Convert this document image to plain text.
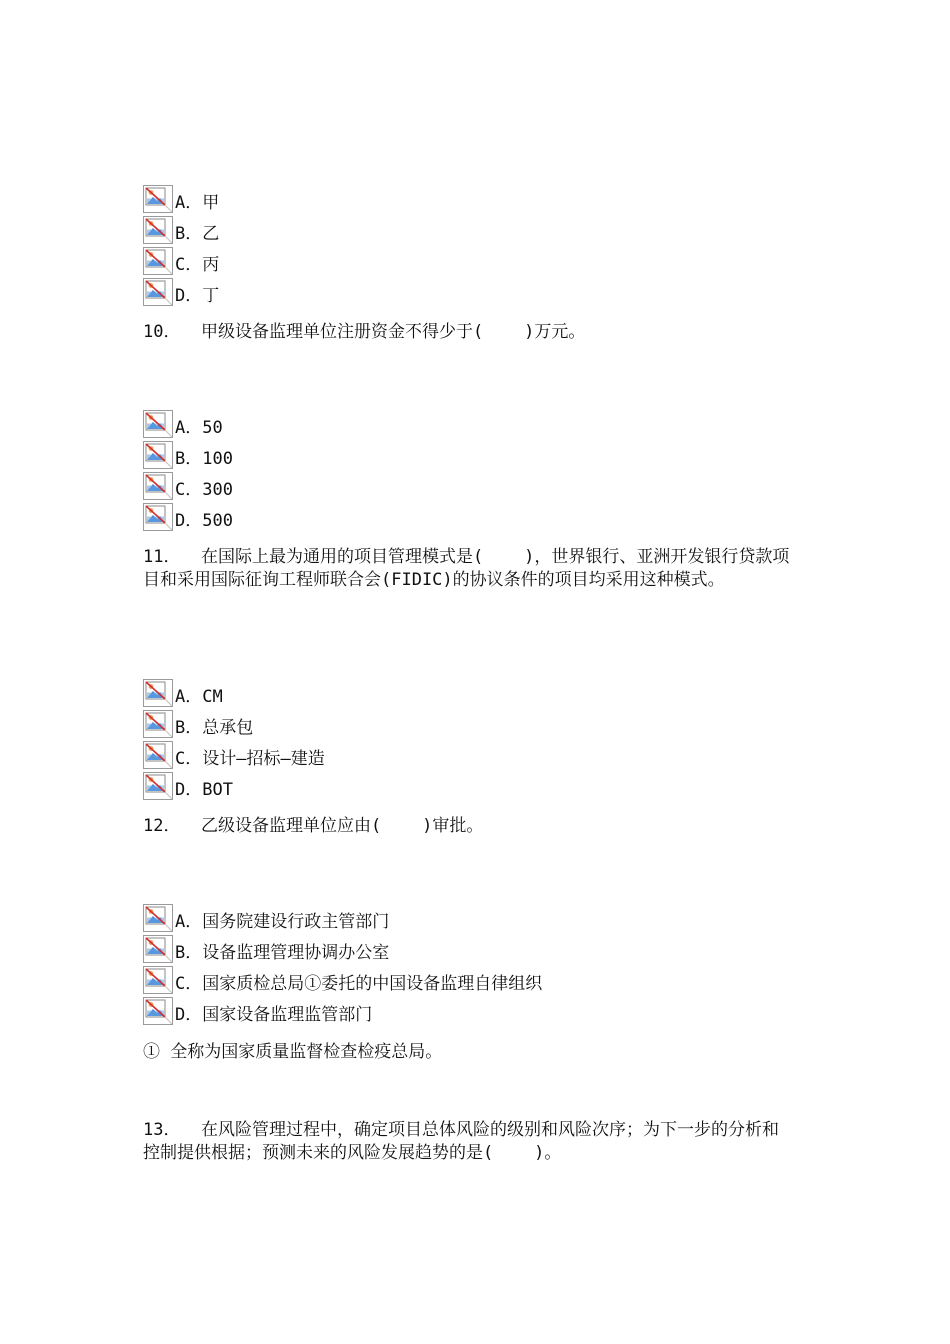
A．甲
B．乙
C．丙
D．丁
10．  甲级设备监理单位注册资金不得少于(    )万元。
A．50
B．100
C．300
D．500
11．  在国际上最为通用的项目管理模式是(    )，世界银行、亚洲开发银行贷款项目和采用国际征询工程师联合会(FIDIC)的协议条件的项目均采用这种模式。
A．CM
B．总承包
C．设计—招标—建造
D．BOT
12．  乙级设备监理单位应由(    )审批。
A．国务院建设行政主管部门
B．设备监理管理协调办公室
C．国家质检总局①委托的中国设备监理自律组织
D．国家设备监理监管部门
① 全称为国家质量监督检查检疫总局。
13．  在风险管理过程中，确定项目总体风险的级别和风险次序；为下一步的分析和控制提供根据；预测未来的风险发展趋势的是(    )。
